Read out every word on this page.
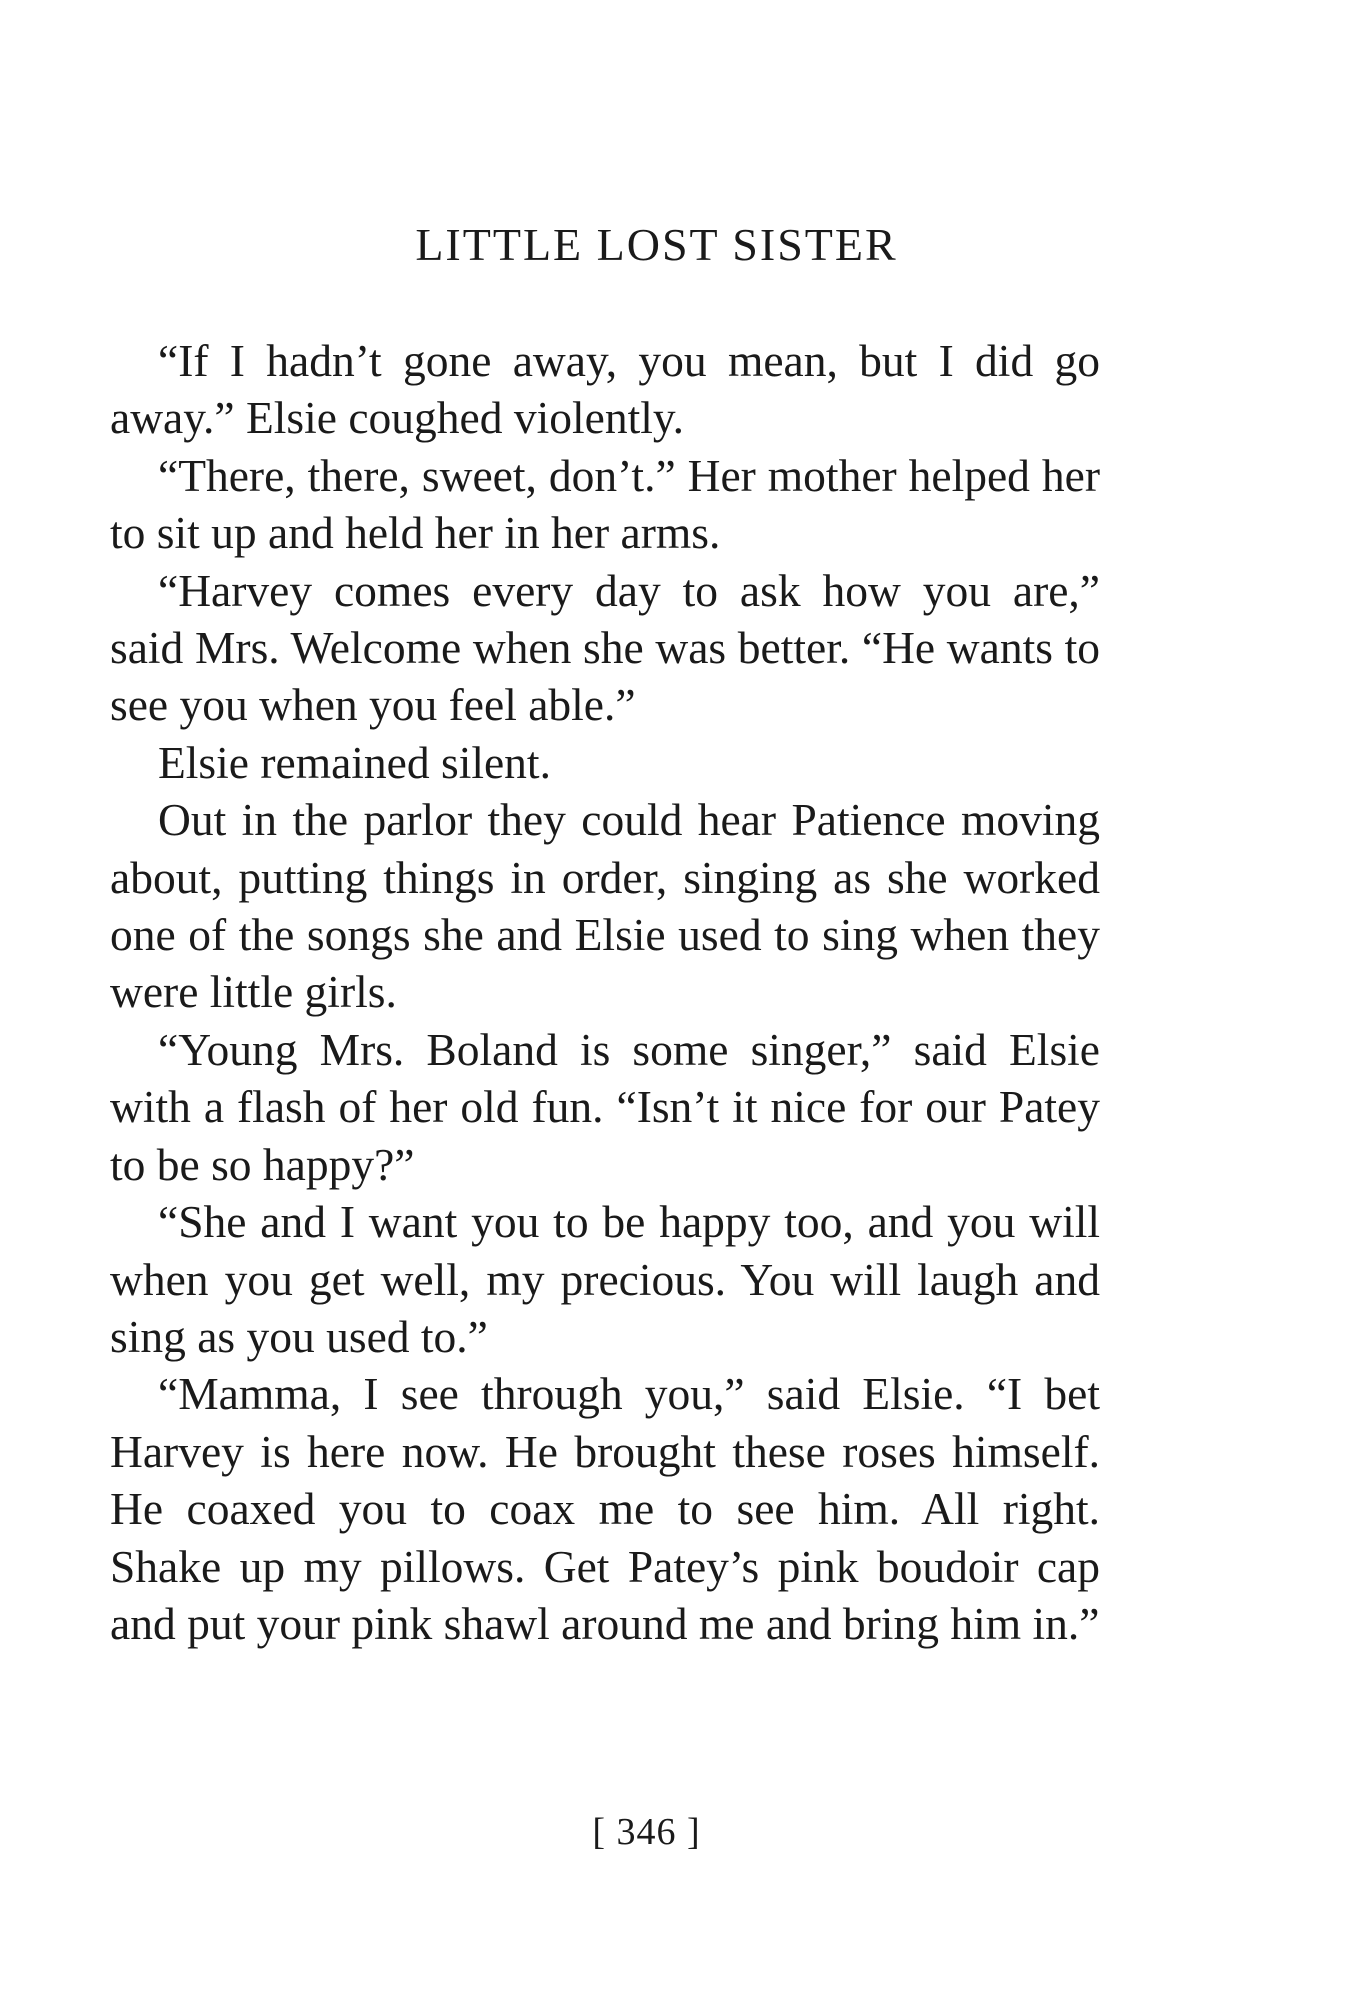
LITTLE LOST SISTER

“If I hadn’t gone away, you mean, but I did go away.” Elsie coughed violently.

“There, there, sweet, don’t.” Her mother helped her to sit up and held her in her arms.

“Harvey comes every day to ask how you are,” said Mrs. Welcome when she was better. “He wants to see you when you feel able.”

Elsie remained silent.

Out in the parlor they could hear Patience moving about, putting things in order, singing as she worked one of the songs she and Elsie used to sing when they were little girls.

“Young Mrs. Boland is some singer,” said Elsie with a flash of her old fun. “Isn’t it nice for our Patey to be so happy?”

“She and I want you to be happy too, and you will when you get well, my precious. You will laugh and sing as you used to.”

“Mamma, I see through you,” said Elsie. “I bet Harvey is here now. He brought these roses himself. He coaxed you to coax me to see him. All right. Shake up my pillows. Get Patey’s pink boudoir cap and put your pink shawl around me and bring him in.”

[ 346 ]
